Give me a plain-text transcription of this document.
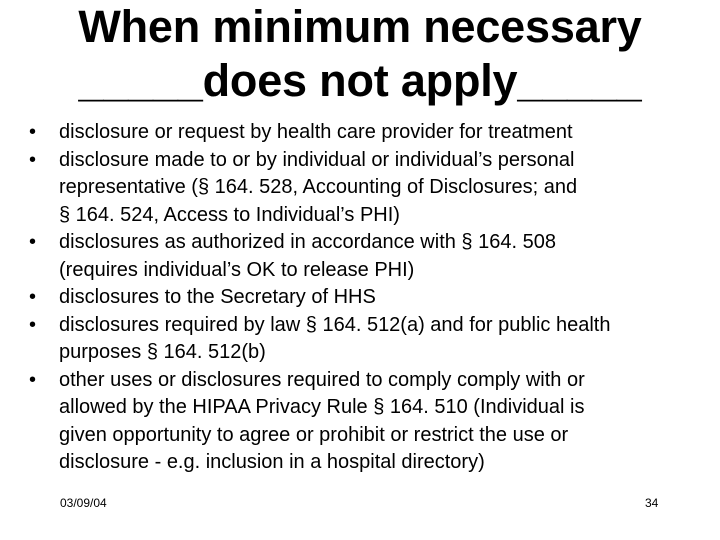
When minimum necessary
_____does not apply_____
• disclosure or request by health care provider for treatment
• disclosure made to or by individual or individual’s personal
representative (§ 164. 528, Accounting of Disclosures; and
§ 164. 524, Access to Individual’s PHI)
• disclosures as authorized in accordance with § 164. 508
(requires individual’s OK to release PHI)
• disclosures to the Secretary of HHS
• disclosures required by law § 164. 512(a) and for public health
purposes § 164. 512(b)
• other uses or disclosures required to comply comply with or
allowed by the HIPAA Privacy Rule § 164. 510 (Individual is
given opportunity to agree or prohibit or restrict the use or
disclosure - e.g. inclusion in a hospital directory)
03/09/04	34
